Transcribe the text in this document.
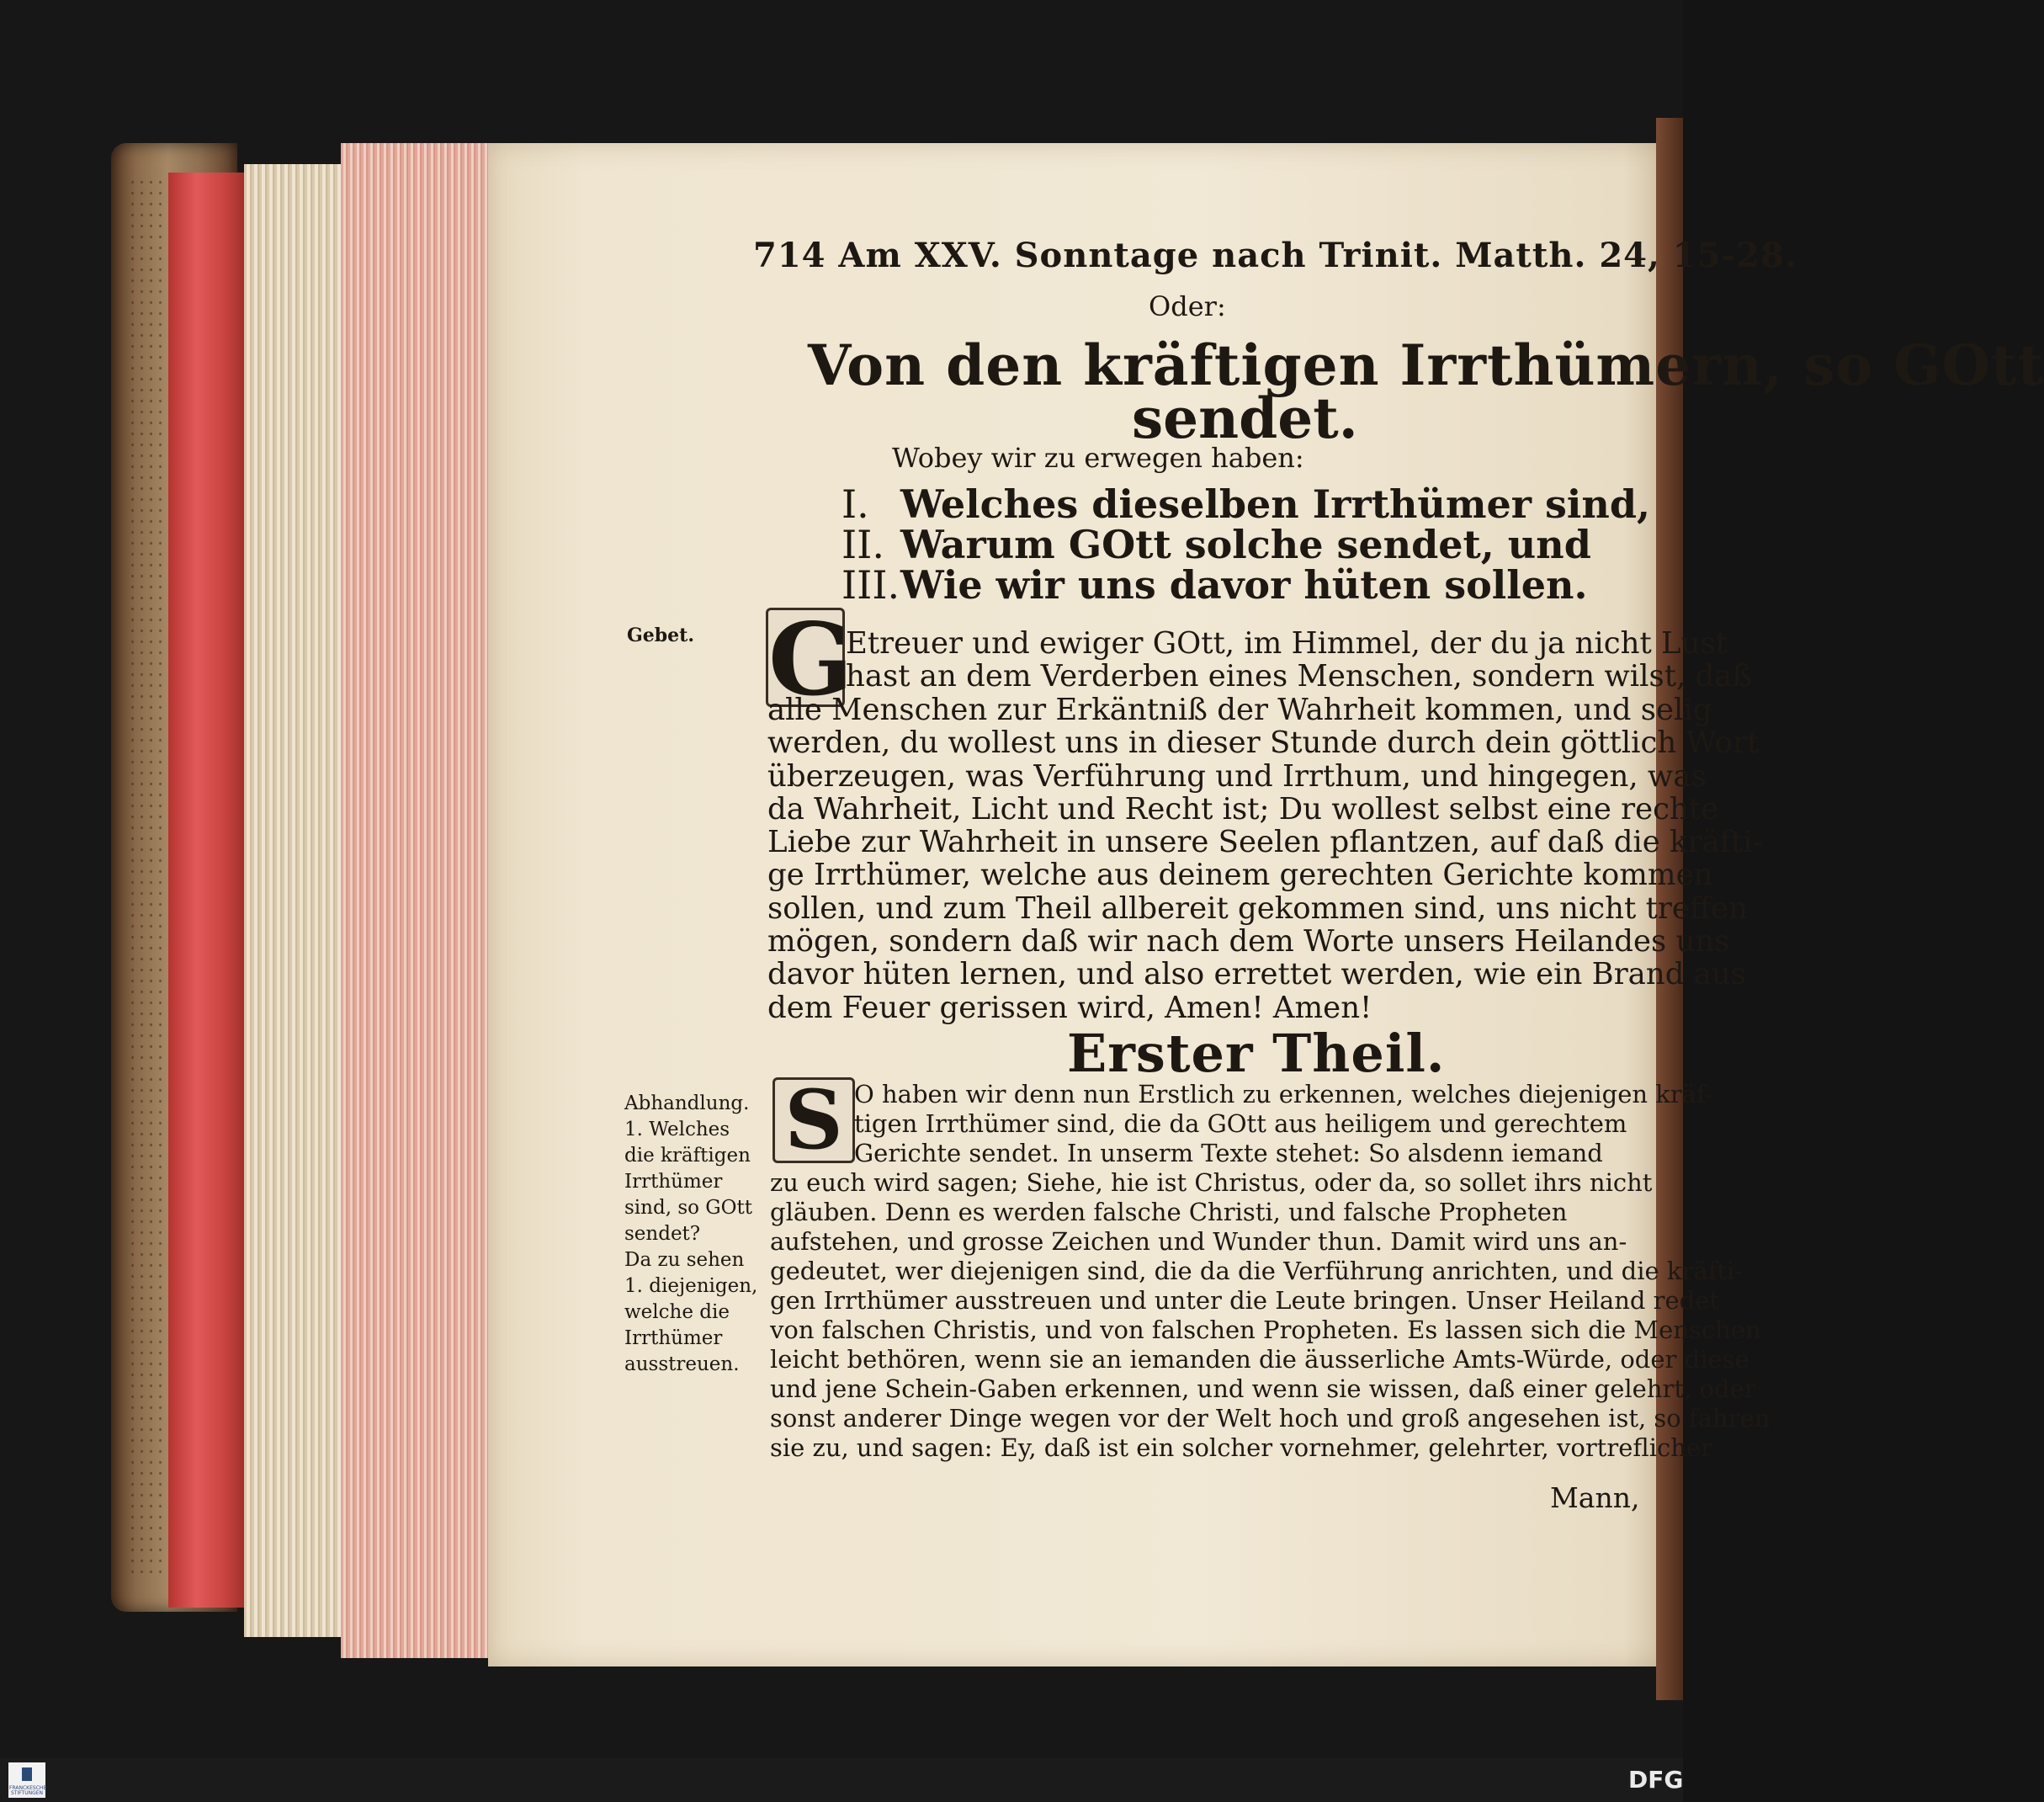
714 Am XXV. Sonntage nach Trinit. Matth. 24, 15-28.
Oder:
Von den kräftigen Irrthümern, so GOtt
sendet.
Wobey wir zu erwegen haben:
I. Welches dieselben Irrthümer sind,
II. Warum GOtt solche sendet, und
III.Wie wir uns davor hüten sollen.
Gebet. G
Etreuer und ewiger GOtt, im Himmel, der du ja nicht Lust
hast an dem Verderben eines Menschen, sondern wilst, daß
alle Menschen zur Erkäntniß der Wahrheit kommen, und selig
werden, du wollest uns in dieser Stunde durch dein göttlich Wort
überzeugen, was Verführung und Irrthum, und hingegen, was
da Wahrheit, Licht und Recht ist; Du wollest selbst eine rechte
Liebe zur Wahrheit in unsere Seelen pflantzen, auf daß die kräfti-
ge Irrthümer, welche aus deinem gerechten Gerichte kommen
sollen, und zum Theil allbereit gekommen sind, uns nicht treffen
mögen, sondern daß wir nach dem Worte unsers Heilandes uns
davor hüten lernen, und also errettet werden, wie ein Brand aus
dem Feuer gerissen wird, Amen! Amen!
Erster Theil.
Abhandlung.
1. Welches
die kräftigen
Irrthümer
sind, so GOtt
sendet?
Da zu sehen
1. diejenigen,
welche die
Irrthümer
ausstreuen.
S O haben wir denn nun Erstlich zu erkennen, welches diejenigen kräf-
tigen Irrthümer sind, die da GOtt aus heiligem und gerechtem
Gerichte sendet. In unserm Texte stehet: So alsdenn iemand
zu euch wird sagen; Siehe, hie ist Christus, oder da, so sollet ihrs nicht
gläuben. Denn es werden falsche Christi, und falsche Propheten
aufstehen, und grosse Zeichen und Wunder thun. Damit wird uns an-
gedeutet, wer diejenigen sind, die da die Verführung anrichten, und die kräfti-
gen Irrthümer ausstreuen und unter die Leute bringen. Unser Heiland redet
von falschen Christis, und von falschen Propheten. Es lassen sich die Menschen
leicht bethören, wenn sie an iemanden die äusserliche Amts-Würde, oder diese
und jene Schein-Gaben erkennen, und wenn sie wissen, daß einer gelehrt, oder
sonst anderer Dinge wegen vor der Welt hoch und groß angesehen ist, so fahren
sie zu, und sagen: Ey, daß ist ein solcher vornehmer, gelehrter, vortreflicher
Mann,
FRANCKESCHE STIFTUNGEN	DFG
